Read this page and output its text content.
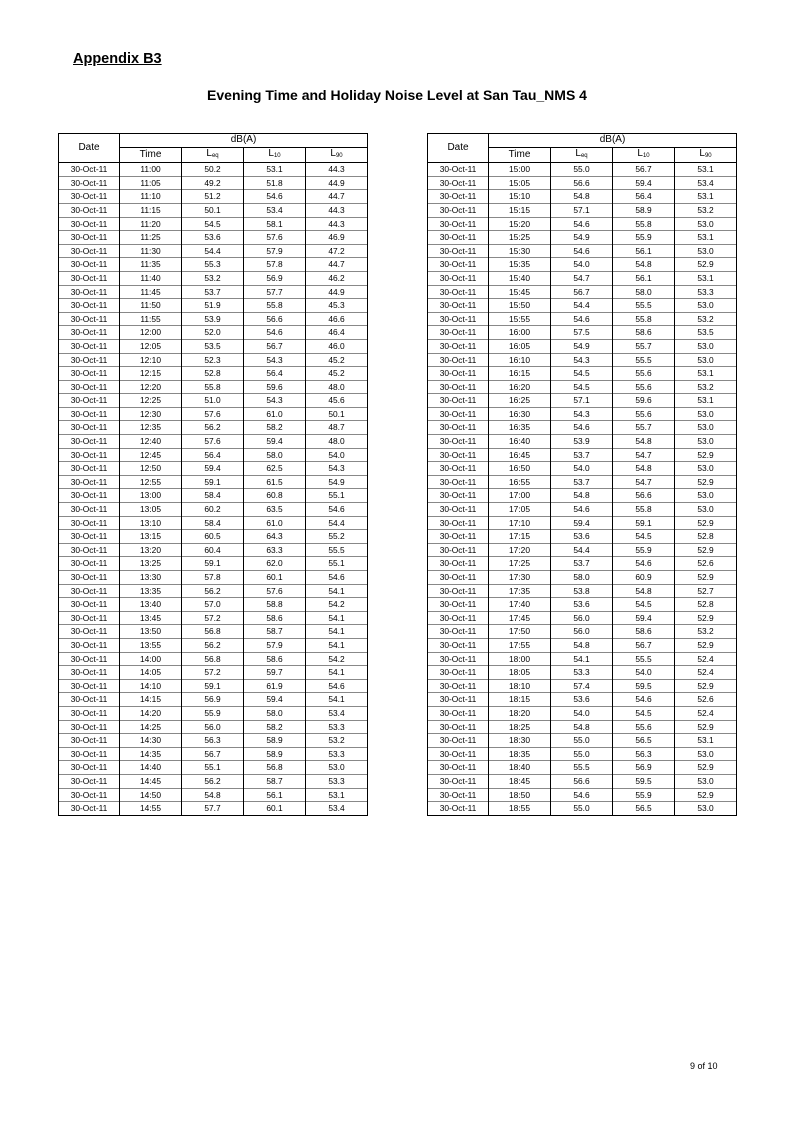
Appendix B3
Evening Time and Holiday Noise Level at San Tau_NMS 4
Date	dB(A)			
	Time	Leq	L10	L90
30-Oct-11	11:00	50.2	53.1	44.3
30-Oct-11	11:05	49.2	51.8	44.9
30-Oct-11	11:10	51.2	54.6	44.7
30-Oct-11	11:15	50.1	53.4	44.3
30-Oct-11	11:20	54.5	58.1	44.3
30-Oct-11	11:25	53.6	57.6	46.9
30-Oct-11	11:30	54.4	57.9	47.2
30-Oct-11	11:35	55.3	57.8	44.7
30-Oct-11	11:40	53.2	56.9	46.2
30-Oct-11	11:45	53.7	57.7	44.9
30-Oct-11	11:50	51.9	55.8	45.3
30-Oct-11	11:55	53.9	56.6	46.6
30-Oct-11	12:00	52.0	54.6	46.4
30-Oct-11	12:05	53.5	56.7	46.0
30-Oct-11	12:10	52.3	54.3	45.2
30-Oct-11	12:15	52.8	56.4	45.2
30-Oct-11	12:20	55.8	59.6	48.0
30-Oct-11	12:25	51.0	54.3	45.6
30-Oct-11	12:30	57.6	61.0	50.1
30-Oct-11	12:35	56.2	58.2	48.7
30-Oct-11	12:40	57.6	59.4	48.0
30-Oct-11	12:45	56.4	58.0	54.0
30-Oct-11	12:50	59.4	62.5	54.3
30-Oct-11	12:55	59.1	61.5	54.9
30-Oct-11	13:00	58.4	60.8	55.1
30-Oct-11	13:05	60.2	63.5	54.6
30-Oct-11	13:10	58.4	61.0	54.4
30-Oct-11	13:15	60.5	64.3	55.2
30-Oct-11	13:20	60.4	63.3	55.5
30-Oct-11	13:25	59.1	62.0	55.1
30-Oct-11	13:30	57.8	60.1	54.6
30-Oct-11	13:35	56.2	57.6	54.1
30-Oct-11	13:40	57.0	58.8	54.2
30-Oct-11	13:45	57.2	58.6	54.1
30-Oct-11	13:50	56.8	58.7	54.1
30-Oct-11	13:55	56.2	57.9	54.1
30-Oct-11	14:00	56.8	58.6	54.2
30-Oct-11	14:05	57.2	59.7	54.1
30-Oct-11	14:10	59.1	61.9	54.6
30-Oct-11	14:15	56.9	59.4	54.1
30-Oct-11	14:20	55.9	58.0	53.4
30-Oct-11	14:25	56.0	58.2	53.3
30-Oct-11	14:30	56.3	58.9	53.2
30-Oct-11	14:35	56.7	58.9	53.3
30-Oct-11	14:40	55.1	56.8	53.0
30-Oct-11	14:45	56.2	58.7	53.3
30-Oct-11	14:50	54.8	56.1	53.1
30-Oct-11	14:55	57.7	60.1	53.4
Date	dB(A)			
	Time	Leq	L10	L90
30-Oct-11	15:00	55.0	56.7	53.1
30-Oct-11	15:05	56.6	59.4	53.4
30-Oct-11	15:10	54.8	56.4	53.1
30-Oct-11	15:15	57.1	58.9	53.2
30-Oct-11	15:20	54.6	55.8	53.0
30-Oct-11	15:25	54.9	55.9	53.1
30-Oct-11	15:30	54.6	56.1	53.0
30-Oct-11	15:35	54.0	54.8	52.9
30-Oct-11	15:40	54.7	56.1	53.1
30-Oct-11	15:45	56.7	58.0	53.3
30-Oct-11	15:50	54.4	55.5	53.0
30-Oct-11	15:55	54.6	55.8	53.2
30-Oct-11	16:00	57.5	58.6	53.5
30-Oct-11	16:05	54.9	55.7	53.0
30-Oct-11	16:10	54.3	55.5	53.0
30-Oct-11	16:15	54.5	55.6	53.1
30-Oct-11	16:20	54.5	55.6	53.2
30-Oct-11	16:25	57.1	59.6	53.1
30-Oct-11	16:30	54.3	55.6	53.0
30-Oct-11	16:35	54.6	55.7	53.0
30-Oct-11	16:40	53.9	54.8	53.0
30-Oct-11	16:45	53.7	54.7	52.9
30-Oct-11	16:50	54.0	54.8	53.0
30-Oct-11	16:55	53.7	54.7	52.9
30-Oct-11	17:00	54.8	56.6	53.0
30-Oct-11	17:05	54.6	55.8	53.0
30-Oct-11	17:10	59.4	59.1	52.9
30-Oct-11	17:15	53.6	54.5	52.8
30-Oct-11	17:20	54.4	55.9	52.9
30-Oct-11	17:25	53.7	54.6	52.6
30-Oct-11	17:30	58.0	60.9	52.9
30-Oct-11	17:35	53.8	54.8	52.7
30-Oct-11	17:40	53.6	54.5	52.8
30-Oct-11	17:45	56.0	59.4	52.9
30-Oct-11	17:50	56.0	58.6	53.2
30-Oct-11	17:55	54.8	56.7	52.9
30-Oct-11	18:00	54.1	55.5	52.4
30-Oct-11	18:05	53.3	54.0	52.4
30-Oct-11	18:10	57.4	59.5	52.9
30-Oct-11	18:15	53.6	54.6	52.6
30-Oct-11	18:20	54.0	54.5	52.4
30-Oct-11	18:25	54.8	55.6	52.9
30-Oct-11	18:30	55.0	56.5	53.1
30-Oct-11	18:35	55.0	56.3	53.0
30-Oct-11	18:40	55.5	56.9	52.9
30-Oct-11	18:45	56.6	59.5	53.0
30-Oct-11	18:50	54.6	55.9	52.9
30-Oct-11	18:55	55.0	56.5	53.0
9 of 10
